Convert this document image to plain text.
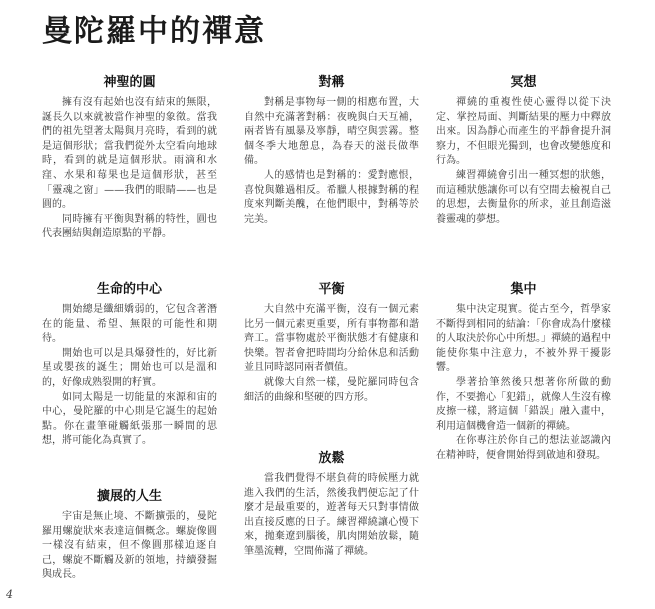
曼陀羅中的禪意
神聖的圓

擁有沒有起始也沒有結束的無限，誕長久以來就被當作神聖的象徵。當我們的祖先望著太陽與月亮時，看到的就是這個形狀；當我們從外太空看向地球時，看到的就是這個形狀。雨滴和水窪、水果和莓果也是這個形狀，甚至「靈魂之窗」——我們的眼睛——也是圓的。

同時擁有平衡與對稱的特性，圓也代表團結與創造原點的平靜。

生命的中心

開始總是纖細嬌弱的，它包含著潛在的能量、希望、無限的可能性和期待。

開始也可以是具爆發性的，好比新星或嬰孩的誕生；開始也可以是溫和的，好像成熟裂開的籽實。

如同太陽是一切能量的來源和宙的中心，曼陀羅的中心則是它誕生的起始點。你在畫筆碰觸紙張那一瞬間的思想，將可能化為真實了。

擴展的人生

宇宙是無止境、不斷擴張的，曼陀羅用螺旋狀來表達這個概念。螺旋像圓一樣沒有結束，但不像圓那樣迫逐自己，螺旋不斷觸及新的領地，持續發掘與成長。

對稱

對稱是事物每一側的相應布置，大自然中充滿著對稱：夜晚與白天互補，兩者皆有風暴及寧靜，晴空與雲霧。整個冬季大地憩息，為春天的滋長做準備。

人的感情也是對稱的：愛對應恨，喜悅與難過相反。希臘人根據對稱的程度來判斷美醜，在他們眼中，對稱等於完美。

平衡

大自然中充滿平衡，沒有一個元素比另一個元素更重要，所有事物都和諧齊工。當事物處於平衡狀態才有健康和快樂。智者會把時間均分給休息和活動並且同時認同兩者價值。

就像大自然一樣，曼陀羅同時包含細活的曲線和堅硬的四方形。

放鬆

當我們覺得不堪負荷的時候壓力就進入我們的生活，然後我們便忘記了什麼才是最重要的，遊著每天只對事情做出直接反應的日子。練習禪繞讓心慢下來，拋棄遼到腦後，肌肉開始放鬆，隨筆墨流轉，空間佈滿了禪繞。

冥想

禪繞的重複性使心靈得以從下決定、掌控局面、判斷結果的壓力中釋放出來。因為靜心而產生的平靜會提升洞察力，不但眼光獨到，也會改變態度和行為。

練習禪繞會引出一種冥想的狀態，而這種狀態讓你可以有空間去檢視自己的思想，去衡量你的所求，並且創造滋養靈魂的夢想。

集中

集中決定現實。從古至今，哲學家不斷得到相同的結論：「你會成為什麼樣的人取決於你心中所想。」禪繞的過程中能使你集中注意力，不被外界干擾影響。

學著拾筆然後只想著你所做的動作，不要擔心「犯錯」，就像人生沒有橡皮擦一樣，將這個「錯誤」融入畫中，利用這個機會造一個新的禪繞。

在你專注於你自己的想法並認識內在精神時，便會開始得到啟迪和發現。

4
